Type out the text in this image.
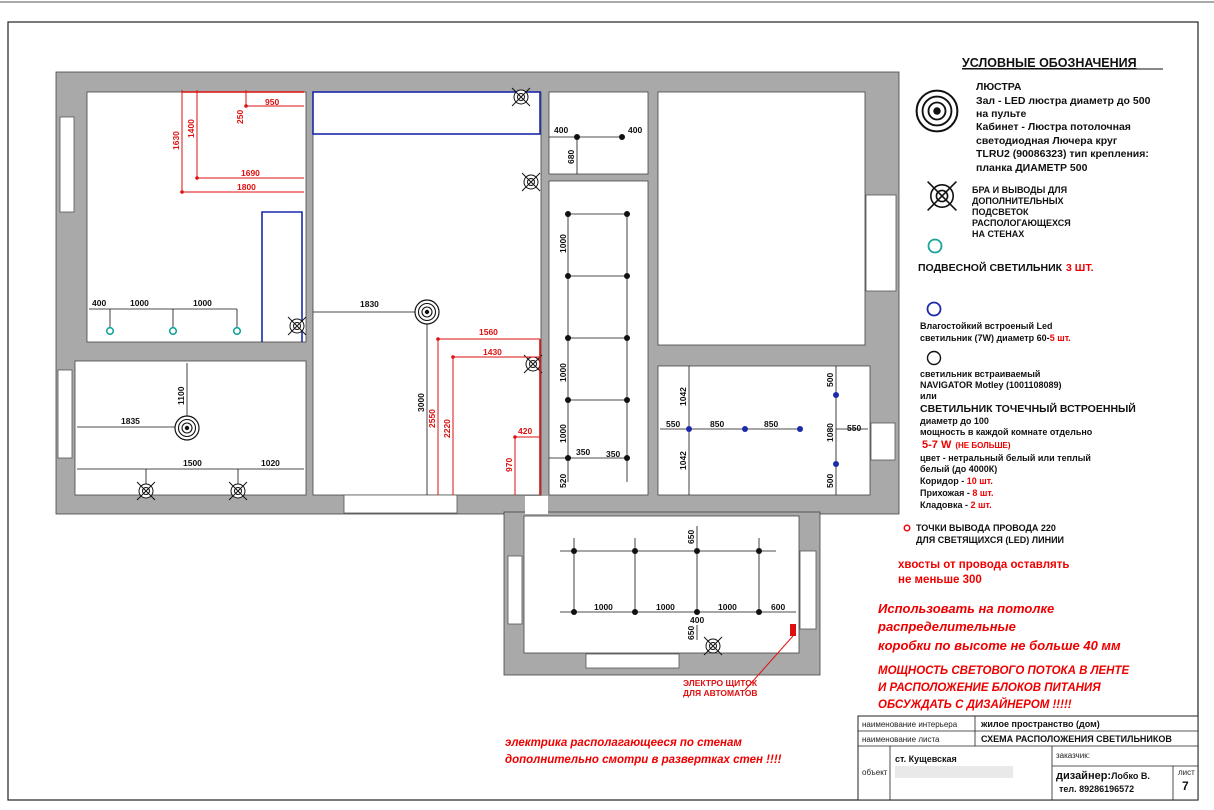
950
250
1630
1400
1690
1800
400	1000	1000	1830
3000
1560
1430
2550
2220	420
970
1100
1835
1500	1020
400	400
680
1000
1000
1000
350 350
520
1042
1042
550	850	850	550
500
1080
500
650
1000	1000	1000	600
400
650
ЭЛЕКТРО ЩИТОК
ДЛЯ АВТОМАТОВ
УСЛОВНЫЕ ОБОЗНАЧЕНИЯ
ЛЮСТРА
Зал - LED люстра диаметр до 500
на пульте
Кабинет - Люстра потолочная
светодиодная Лючера круг
TLRU2 (90086323) тип крепления:
планка ДИАМЕТР 500
БРА И ВЫВОДЫ ДЛЯ
ДОПОЛНИТЕЛЬНЫХ
ПОДСВЕТОК
РАСПОЛОГАЮЩЕХСЯ
НА СТЕНАХ
ПОДВЕСНОЙ СВЕТИЛЬНИК 3 ШТ.
Влагостойкий встроеный Led
светильник (7W) диаметр 60-5 шт.
светильник встраиваемый
NAVIGATOR Motley (1001108089)
или
СВЕТИЛЬНИК ТОЧЕЧНЫЙ ВСТРОЕННЫЙ
диаметр до 100
мощность в каждой комнате отдельно
5-7 W (НЕ БОЛЬШЕ)
цвет - нетральный белый или теплый
белый (до 4000К)
Коридор - 10 шт.
Прихожая - 8 шт.
Кладовка - 2 шт.
ТОЧКИ ВЫВОДА ПРОВОДА 220
ДЛЯ СВЕТЯЩИХСЯ (LED) ЛИНИИ
хвосты от провода оставлять
не меньше 300
Использовать на потолке
распределительные
коробки по высоте не больше 40 мм
МОЩНОСТЬ СВЕТОВОГО ПОТОКА В ЛЕНТЕ
И РАСПОЛОЖЕНИЕ БЛОКОВ ПИТАНИЯ
ОБСУЖДАТЬ С ДИЗАЙНЕРОМ !!!!!
электрика располагающееся по стенам
дополнительно смотри в развертках стен !!!!
наименование интерьера	жилое пространство (дом)
наименование листа	СХЕМА РАСПОЛОЖЕНИЯ СВЕТИЛЬНИКОВ
объект
ст. Кущевская	заказчик:
дизайнер:Лобко В.
тел. 89286196572
лист
7
